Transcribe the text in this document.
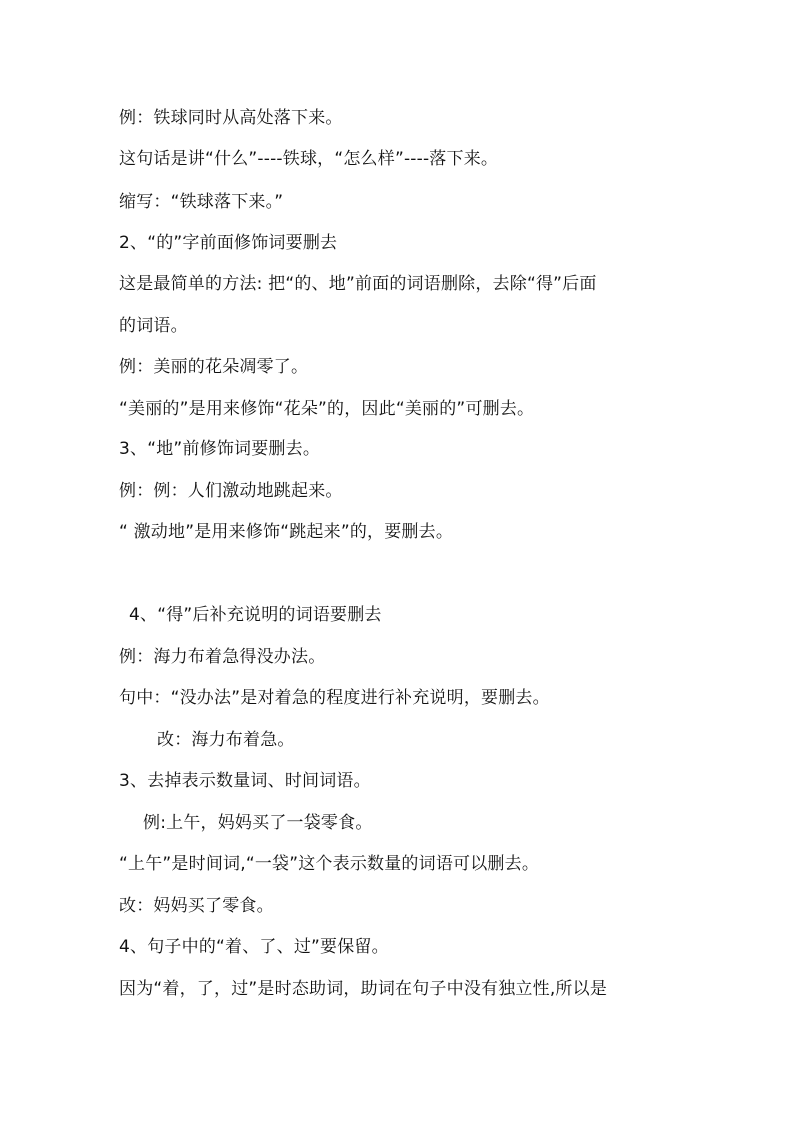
例：铁球同时从高处落下来。
这句话是讲“什么”----铁球，“怎么样”----落下来。
缩写：“铁球落下来。”
2、“的”字前面修饰词要删去
这是最简单的方法: 把“的、地”前面的词语删除，去除“得”后面
的词语。
例：美丽的花朵凋零了。
“美丽的”是用来修饰“花朵”的，因此“美丽的”可删去。
3、“地”前修饰词要删去。
例：例：人们激动地跳起来。
“ 激动地”是用来修饰“跳起来”的，要删去。
4、“得”后补充说明的词语要删去
例：海力布着急得没办法。
句中：“没办法”是对着急的程度进行补充说明，要删去。
改：海力布着急。
3、去掉表示数量词、时间词语。
例:上午，妈妈买了一袋零食。
“上午”是时间词,“一袋”这个表示数量的词语可以删去。
改：妈妈买了零食。
4、句子中的“着、了、过”要保留。
因为“着，了，过”是时态助词，助词在句子中没有独立性,所以是
